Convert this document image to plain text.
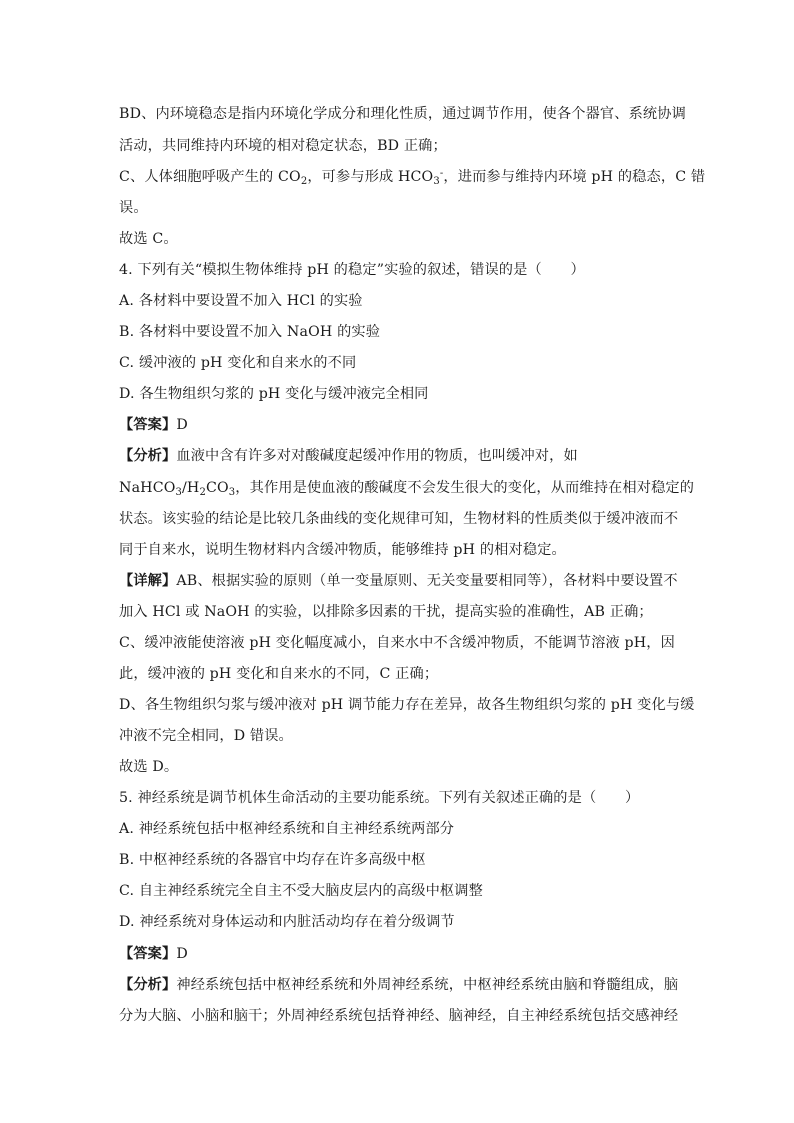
BD、内环境稳态是指内环境化学成分和理化性质，通过调节作用，使各个器官、系统协调
活动，共同维持内环境的相对稳定状态，BD 正确；
C、人体细胞呼吸产生的 $CO_2$，可参与形成 $HCO_3^-$，进而参与维持内环境 pH 的稳态，C 错
误。
故选 C。
4. 下列有关“模拟生物体维持 pH 的稳定”实验的叙述，错误的是（　　）
A. 各材料中要设置不加入 HCl 的实验
B. 各材料中要设置不加入 NaOH 的实验
C. 缓冲液的 pH 变化和自来水的不同
D. 各生物组织匀浆的 pH 变化与缓冲液完全相同
【答案】D
【分析】血液中含有许多对对酸碱度起缓冲作用的物质，也叫缓冲对，如
$NaHCO_3/H_2CO_3$，其作用是使血液的酸碱度不会发生很大的变化，从而维持在相对稳定的
状态。该实验的结论是比较几条曲线的变化规律可知，生物材料的性质类似于缓冲液而不
同于自来水，说明生物材料内含缓冲物质，能够维持 pH 的相对稳定。
【详解】AB、根据实验的原则（单一变量原则、无关变量要相同等），各材料中要设置不
加入 HCl 或 NaOH 的实验，以排除多因素的干扰，提高实验的准确性，AB 正确；
C、缓冲液能使溶液 pH 变化幅度减小，自来水中不含缓冲物质，不能调节溶液 pH，因
此，缓冲液的 pH 变化和自来水的不同，C 正确；
D、各生物组织匀浆与缓冲液对 pH 调节能力存在差异，故各生物组织匀浆的 pH 变化与缓
冲液不完全相同，D 错误。
故选 D。
5. 神经系统是调节机体生命活动的主要功能系统。下列有关叙述正确的是（　　）
A. 神经系统包括中枢神经系统和自主神经系统两部分
B. 中枢神经系统的各器官中均存在许多高级中枢
C. 自主神经系统完全自主不受大脑皮层内的高级中枢调整
D. 神经系统对身体运动和内脏活动均存在着分级调节
【答案】D
【分析】神经系统包括中枢神经系统和外周神经系统，中枢神经系统由脑和脊髓组成，脑
分为大脑、小脑和脑干；外周神经系统包括脊神经、脑神经，自主神经系统包括交感神经
